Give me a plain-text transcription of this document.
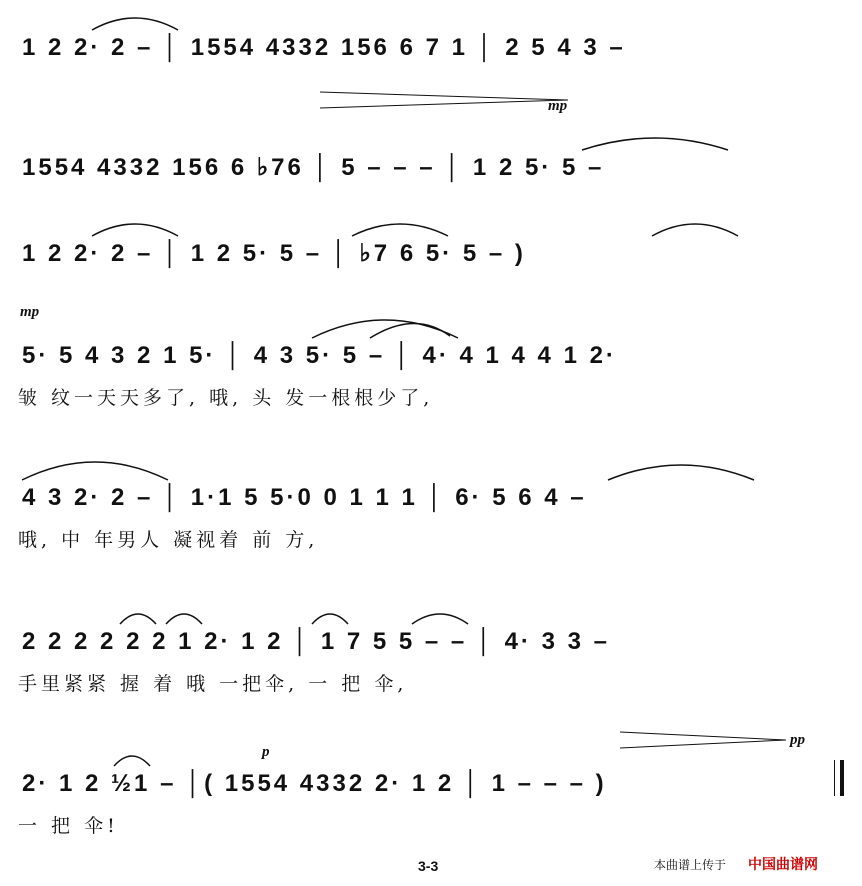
1 2 2· 2 – │ 1554 4332 156 6 7 1 │ 2 5 4 3 –
mp
1554 4332 156 6 ♭76 │ 5 – – – │ 1 2 5· 5 –
1 2 2· 2 – │ 1 2 5· 5 – │ ♭7 6 5· 5 – )
mp
5· 5 4 3 2 1 5· │ 4 3 5· 5 – │ 4· 4 1 4 4 1 2·
皱 纹一天天多了, 哦, 头 发一根根少了,
4 3 2· 2 – │ 1·1 5 5·0 0 1 1 1 │ 6· 5 6 4 –
哦, 中 年男人 凝视着 前 方,
2 2 2 2 2 2 1 2· 1 2 │ 1 7 5 5 – – │ 4· 3 3 –
手里紧紧 握 着 哦 一把伞, 一 把 伞,
p
pp
2· 1 2 ½1 – │( 1554 4332 2· 1 2 │ 1 – – – )
一 把 伞!
3-3	本曲谱上传于 中国曲谱网
